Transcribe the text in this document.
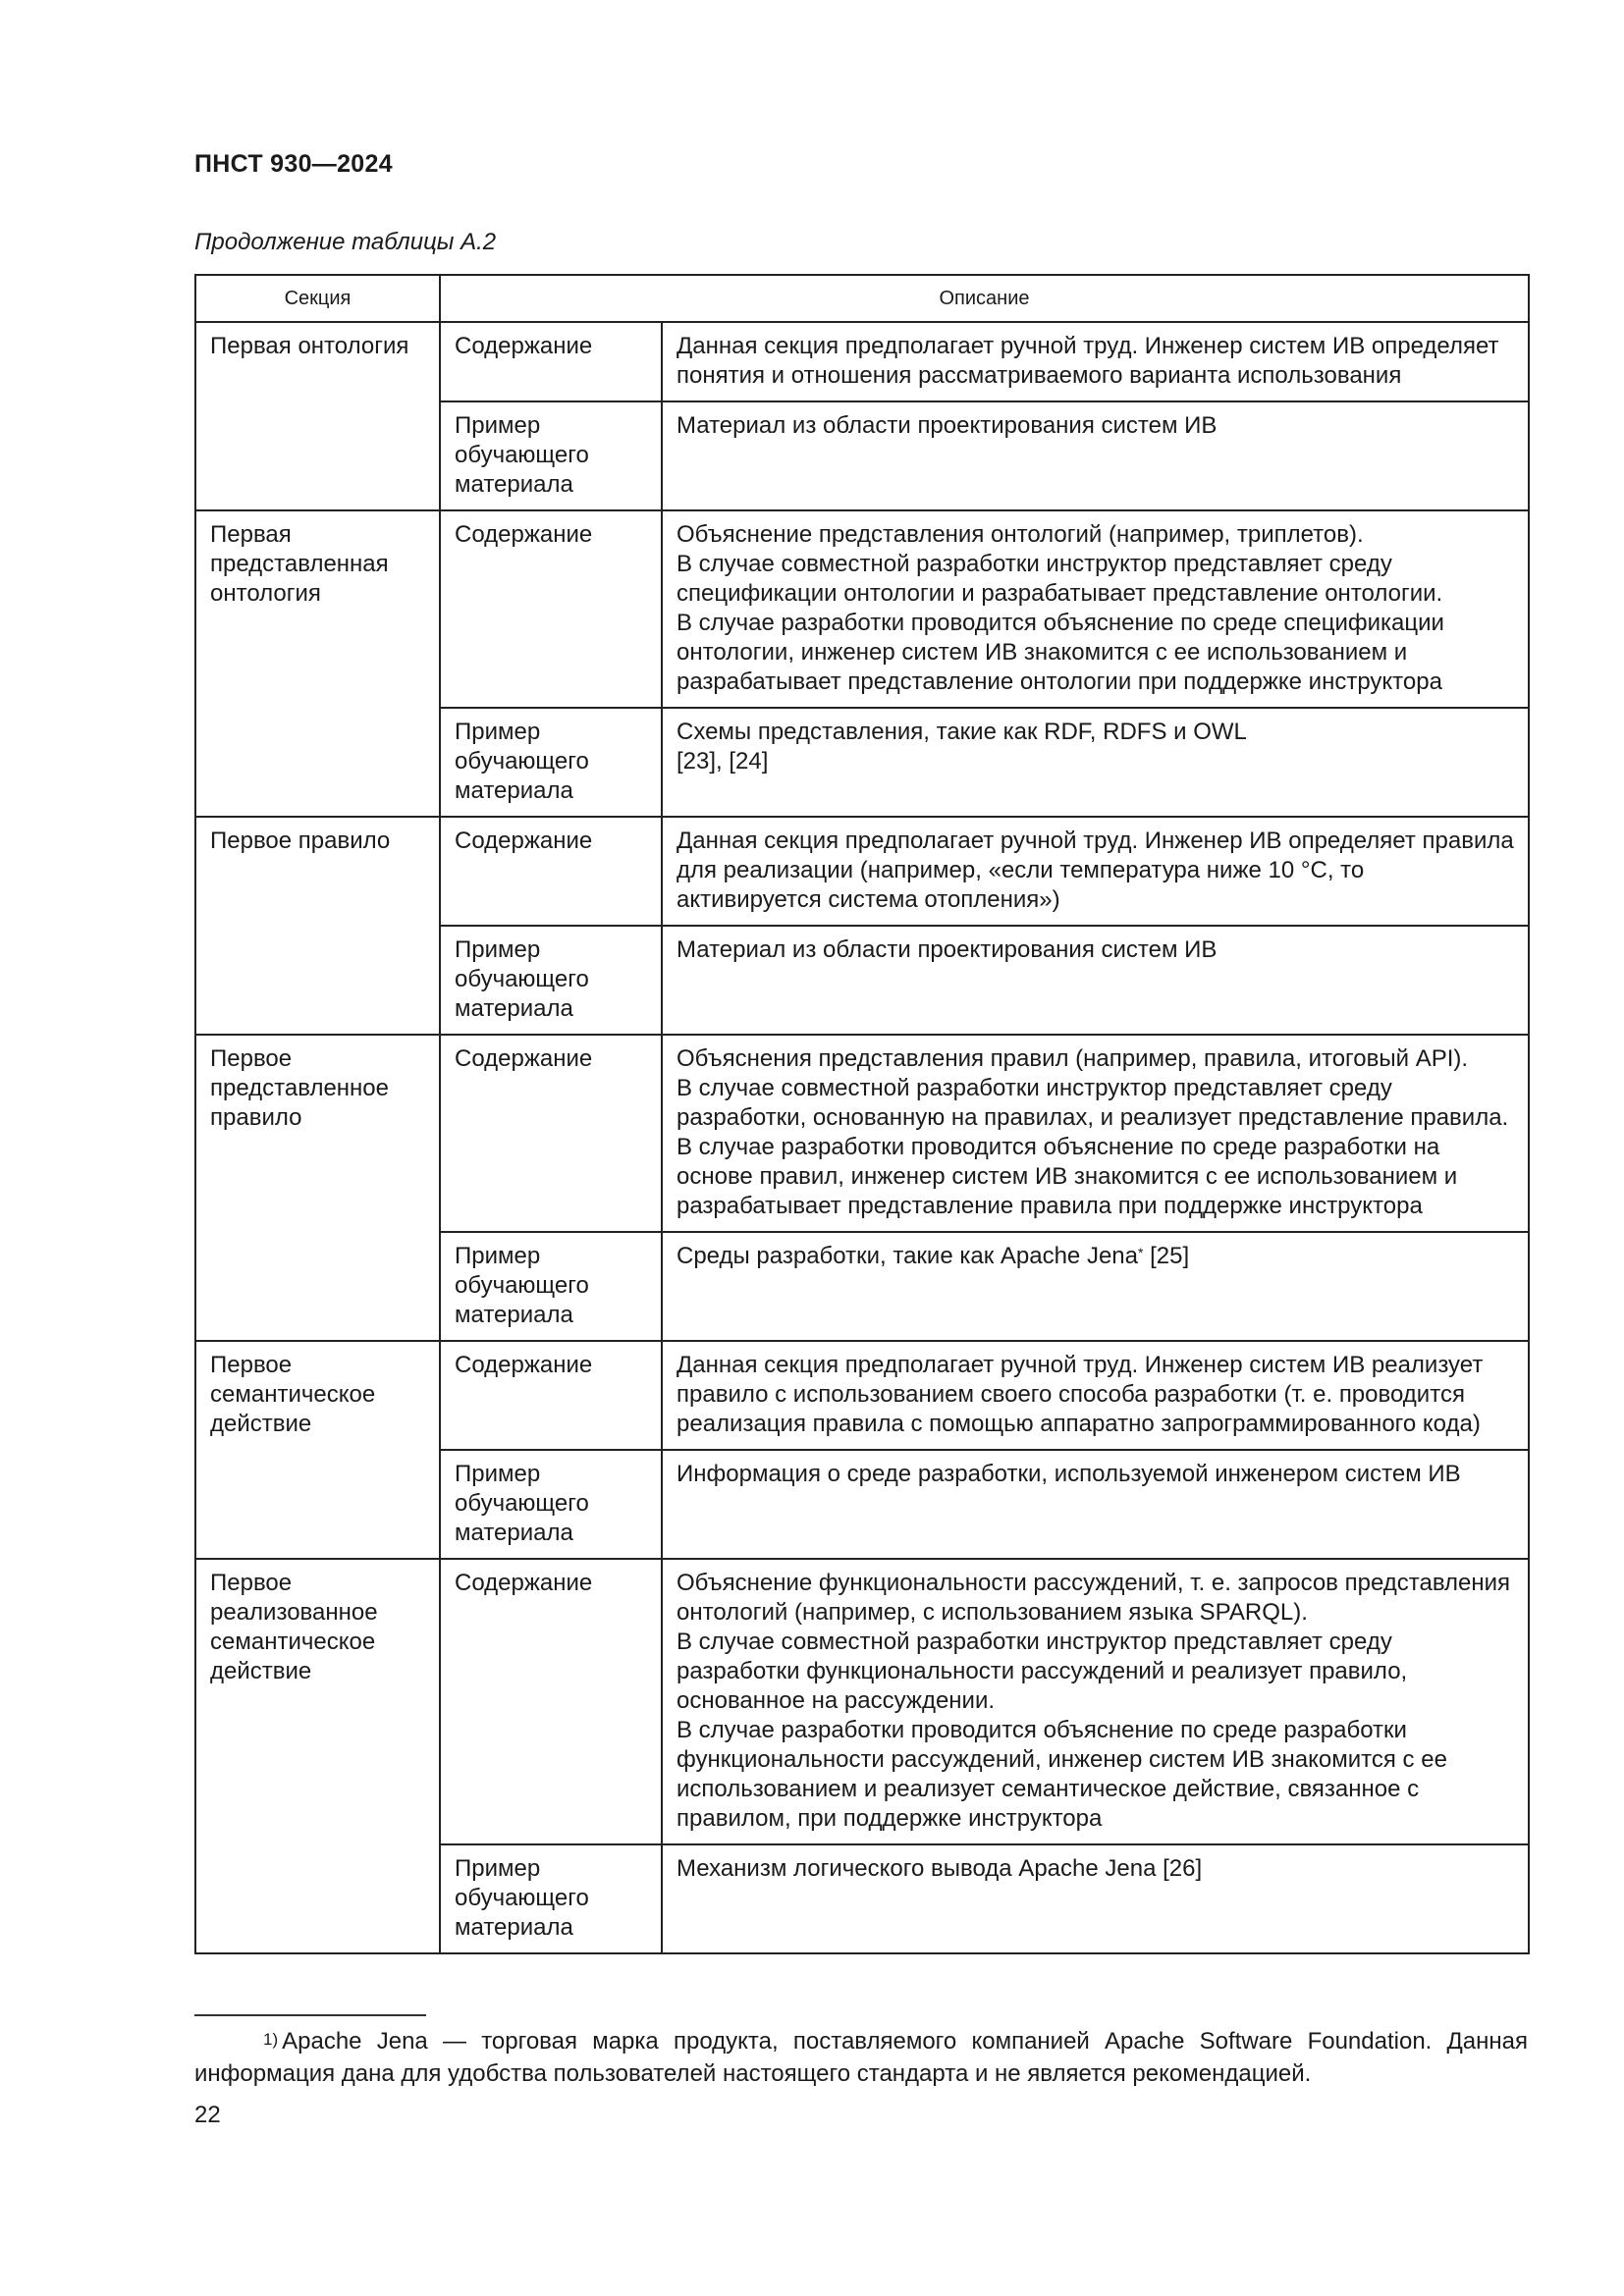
ПНСТ 930—2024
Продолжение таблицы А.2
Секция	Описание	
Первая онтология	Содержание	Данная секция предполагает ручной труд. Инженер систем ИВ определяет понятия и отношения рассматриваемого варианта использования
	Пример обучающего материала	Материал из области проектирования систем ИВ
Первая представленная онтология	Содержание	Объяснение представления онтологий (например, триплетов).
В случае совместной разработки инструктор представляет среду спецификации онтологии и разрабатывает представление онтологии.
В случае разработки проводится объяснение по среде спецификации онтологии, инженер систем ИВ знакомится с ее использованием и разрабатывает представление онтологии при поддержке инструктора

	Пример обучающего материала	Схемы представления, такие как RDF, RDFS и OWL
[23], [24]

Первое правило	Содержание	Данная секция предполагает ручной труд. Инженер ИВ определяет правила для реализации (например, «если температура ниже 10 °C, то активируется система отопления»)
	Пример обучающего материала	Материал из области проектирования систем ИВ
Первое представленное правило	Содержание	Объяснения представления правил (например, правила, итоговый API).
В случае совместной разработки инструктор представляет среду разработки, основанную на правилах, и реализует представление правила.
В случае разработки проводится объяснение по среде разработки на основе правил, инженер систем ИВ знакомится с ее использованием и разрабатывает представление правила при поддержке инструктора

	Пример обучающего материала	Среды разработки, такие как Apache Jena* [25]
Первое семантическое действие	Содержание	Данная секция предполагает ручной труд. Инженер систем ИВ реализует правило с использованием своего способа разработки (т. е. проводится реализация правила с помощью аппаратно запрограммированного кода)
	Пример обучающего материала	Информация о среде разработки, используемой инженером систем ИВ
Первое реализованное семантическое действие	Содержание	Объяснение функциональности рассуждений, т. е. запросов представления онтологий (например, с использованием языка SPARQL).
В случае совместной разработки инструктор представляет среду разработки функциональности рассуждений и реализует правило, основанное на рассуждении.
В случае разработки проводится объяснение по среде разработки функциональности рассуждений, инженер систем ИВ знакомится с ее использованием и реализует семантическое действие, связанное с правилом, при поддержке инструктора

	Пример обучающего материала	Механизм логического вывода Apache Jena [26]
$^{1)}$ Apache Jena — торговая марка продукта, поставляемого компанией Apache Software Foundation. Данная информация дана для удобства пользователей настоящего стандарта и не является рекомендацией.
22
